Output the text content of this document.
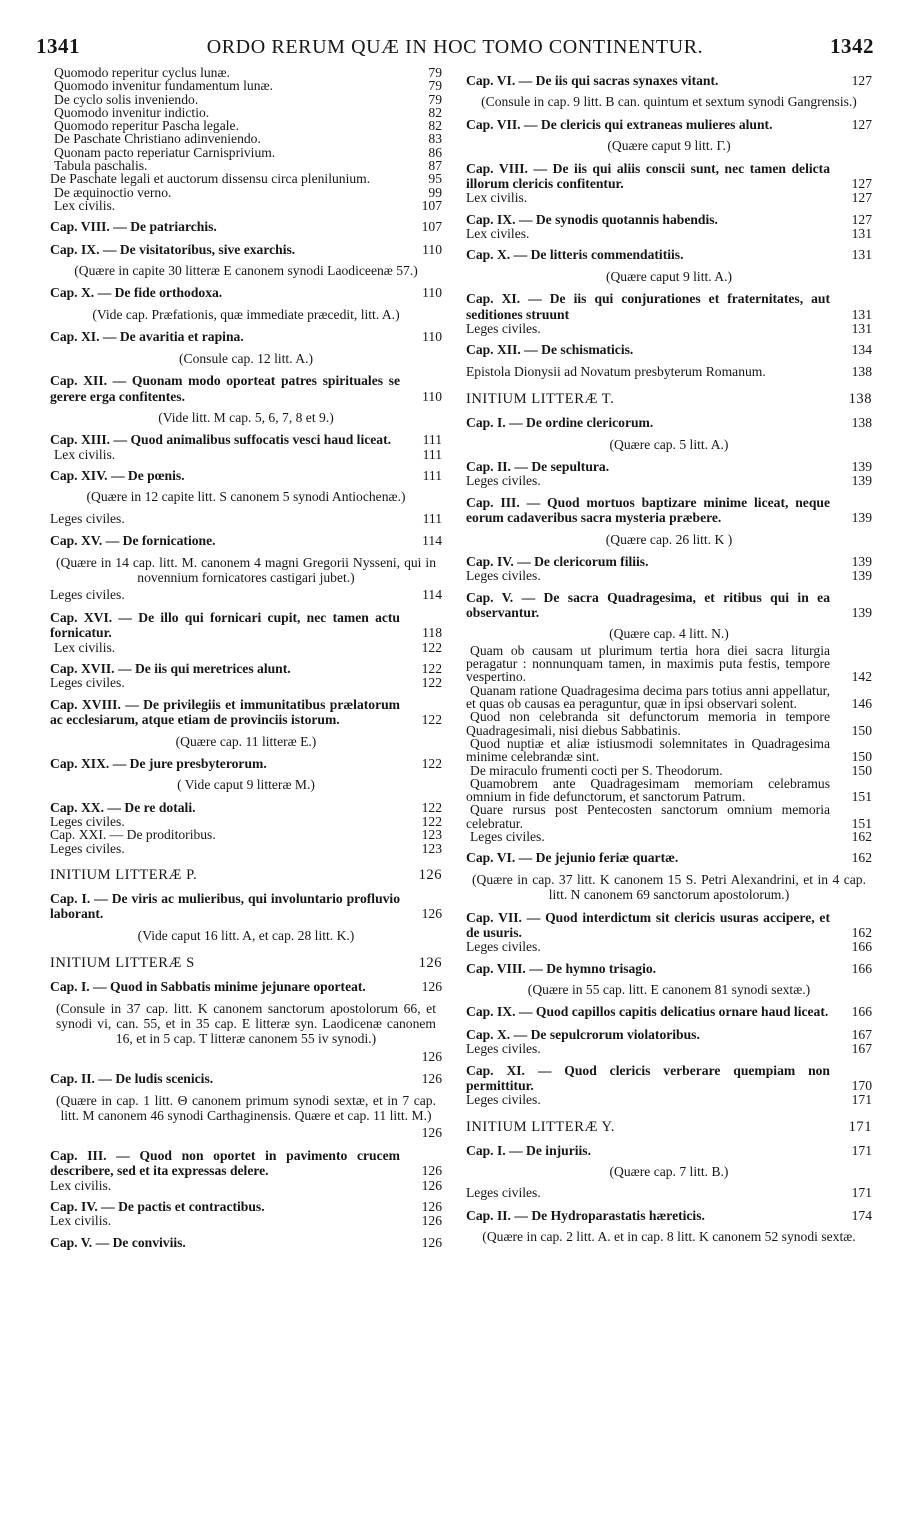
1341	ORDO RERUM QUÆ IN HOC TOMO CONTINENTUR.	1342
Quomodo reperitur cyclus lunæ.	79
Quomodo invenitur fundamentum lunæ.	79
De cyclo solis inveniendo.	79
Quomodo invenitur indictio.	82
Quomodo reperitur Pascha legale.	82
De Paschate Christiano adinveniendo.	83
Quonam pacto reperiatur Carnisprivium.	86
Tabula paschalis.	87
De Paschate legali et auctorum dissensu circa plenilunium.	95
De æquinoctio verno.	99
Lex civilis.	107
Cap. VIII. — De patriarchis.	107
Cap. IX. — De visitatoribus, sive exarchis.	110
(Quære in capite 30 litteræ E canonem synodi Laodiceenæ 57.)
Cap. X. — De fide orthodoxa.	110
(Vide cap. Præfationis, quæ immediate præcedit, litt. A.)
Cap. XI. — De avaritia et rapina.	110
(Consule cap. 12 litt. A.)
Cap. XII. — Quonam modo oporteat patres spirituales se gerere erga confitentes.	110
(Vide litt. M cap. 5, 6, 7, 8 et 9.)
Cap. XIII. — Quod animalibus suffocatis vesci haud liceat.	111
Lex civilis.	111
Cap. XIV. — De pœnis.	111
(Quære in 12 capite litt. S canonem 5 synodi Antiochenæ.)
Leges civiles.	111
Cap. XV. — De fornicatione.	114
(Quære in 14 cap. litt. M. canonem 4 magni Gregorii Nysseni, qui in novennium fornicatores castigari jubet.)
Leges civiles.	114
Cap. XVI. — De illo qui fornicari cupit, nec tamen actu fornicatur.	118
Lex civilis.	122
Cap. XVII. — De iis qui meretrices alunt.	122
Leges civiles.	122
Cap. XVIII. — De privilegiis et immunitatibus prælatorum ac ecclesiarum, atque etiam de provinciis istorum.	122
(Quære cap. 11 litteræ E.)
Cap. XIX. — De jure presbyterorum.	122
( Vide caput 9 litteræ M.)
Cap. XX. — De re dotali.	122
Leges civiles.	122
Cap. XXI. — De proditoribus.	123
Leges civiles.	123
INITIUM LITTERÆ P.	126
Cap. I. — De viris ac mulieribus, qui involuntario profluvio laborant.	126
(Vide caput 16 litt. A, et cap. 28 litt. K.)
INITIUM LITTERÆ S	126
Cap. I. — Quod in Sabbatis minime jejunare oporteat.	126
(Consule in 37 cap. litt. K canonem sanctorum apostolorum 66, et synodi vi, can. 55, et in 35 cap. E litteræ syn. Laodicenæ canonem 16, et in 5 cap. T litteræ canonem 55 iv synodi.)
126
Cap. II. — De ludis scenicis.	126
(Quære in cap. 1 litt. Θ canonem primum synodi sextæ, et in 7 cap. litt. M canonem 46 synodi Carthaginensis. Quære et cap. 11 litt. M.)
126
Cap. III. — Quod non oportet in pavimento crucem describere, sed et ita expressas delere.	126
Lex civilis.	126
Cap. IV. — De pactis et contractibus.	126
Lex civilis.	126
Cap. V. — De conviviis.	126
Cap. VI. — De iis qui sacras synaxes vitant.	127
(Consule in cap. 9 litt. B can. quintum et sextum synodi Gangrensis.)
Cap. VII. — De clericis qui extraneas mulieres alunt.	127
(Quære caput 9 litt. Γ.)
Cap. VIII. — De iis qui aliis conscii sunt, nec tamen delicta illorum clericis confitentur.	127
Lex civilis.	127
Cap. IX. — De synodis quotannis habendis.	127
Lex civiles.	131
Cap. X. — De litteris commendatitiis.	131
(Quære caput 9 litt. A.)
Cap. XI. — De iis qui conjurationes et fraternitates, aut seditiones struunt	131
Leges civiles.	131
Cap. XII. — De schismaticis.	134
Epistola Dionysii ad Novatum presbyterum Romanum.	138
INITIUM LITTERÆ T.	138
Cap. I. — De ordine clericorum.	138
(Quære cap. 5 litt. A.)
Cap. II. — De sepultura.	139
Leges civiles.	139
Cap. III. — Quod mortuos baptizare minime liceat, neque eorum cadaveribus sacra mysteria præbere.	139
(Quære cap. 26 litt. K )
Cap. IV. — De clericorum filiis.	139
Leges civiles.	139
Cap. V. — De sacra Quadragesima, et ritibus qui in ea observantur.	139
(Quære cap. 4 litt. N.)
Quam ob causam ut plurimum tertia hora diei sacra liturgia peragatur : nonnunquam tamen, in maximis puta festis, tempore vespertino.	142
Quanam ratione Quadragesima decima pars totius anni appellatur, et quas ob causas ea peraguntur, quæ in ipsi observari solent.	146
Quod non celebranda sit defunctorum memoria in tempore Quadragesimali, nisi diebus Sabbatinis.	150
Quod nuptiæ et aliæ istiusmodi solemnitates in Quadragesima minime celebrandæ sint.	150
De miraculo frumenti cocti per S. Theodorum.	150
Quamobrem ante Quadragesimam memoriam celebramus omnium in fide defunctorum, et sanctorum Patrum.	151
Quare rursus post Pentecosten sanctorum omnium memoria celebratur.	151
Leges civiles.	162
Cap. VI. — De jejunio feriæ quartæ.	162
(Quære in cap. 37 litt. K canonem 15 S. Petri Alexandrini, et in 4 cap. litt. N canonem 69 sanctorum apostolorum.)
Cap. VII. — Quod interdictum sit clericis usuras accipere, et de usuris.	162
Leges civiles.	166
Cap. VIII. — De hymno trisagio.	166
(Quære in 55 cap. litt. E canonem 81 synodi sextæ.)
Cap. IX. — Quod capillos capitis delicatius ornare haud liceat.	166
Cap. X. — De sepulcrorum violatoribus.	167
Leges civiles.	167
Cap. XI. — Quod clericis verberare quempiam non permittitur.	170
Leges civiles.	171
INITIUM LITTERÆ Y.	171
Cap. I. — De injuriis.	171
(Quære cap. 7 litt. B.)
Leges civiles.	171
Cap. II. — De Hydroparastatis hæreticis.	174
(Quære in cap. 2 litt. A. et in cap. 8 litt. K canonem 52 synodi sextæ.
